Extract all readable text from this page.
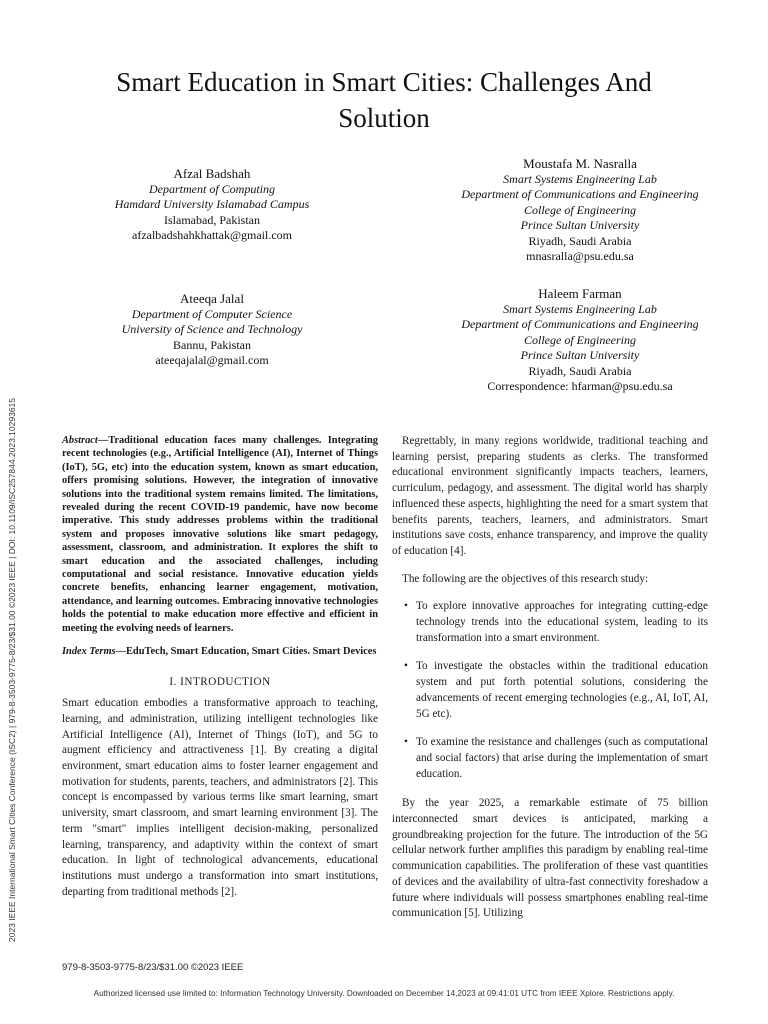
Smart Education in Smart Cities: Challenges And
Solution
Afzal Badshah
Department of Computing
Hamdard University Islamabad Campus
Islamabad, Pakistan
afzalbadshahkhattak@gmail.com
Moustafa M. Nasralla
Smart Systems Engineering Lab
Department of Communications and Engineering
College of Engineering
Prince Sultan University
Riyadh, Saudi Arabia
mnasralla@psu.edu.sa
Ateeqa Jalal
Department of Computer Science
University of Science and Technology
Bannu, Pakistan
ateeqajalal@gmail.com
Haleem Farman
Smart Systems Engineering Lab
Department of Communications and Engineering
College of Engineering
Prince Sultan University
Riyadh, Saudi Arabia
Correspondence: hfarman@psu.edu.sa
2023 IEEE International Smart Cities Conference (ISC2) | 979-8-3503-9775-8/23/$31.00 ©2023 IEEE | DOI: 10.1109/ISC257844.2023.10293615	Abstract—Traditional education faces many challenges. Integrating recent technologies (e.g., Artificial Intelligence (AI), Internet of Things (IoT), 5G, etc) into the education system, known as smart education, offers promising solutions. However, the integration of innovative solutions into the traditional system remains limited. The limitations, revealed during the recent COVID-19 pandemic, have now become imperative. This study addresses problems within the traditional system and proposes innovative solutions like smart pedagogy, assessment, classroom, and administration. It explores the shift to smart education and the associated challenges, including computational and social resistance. Innovative education yields concrete benefits, enhancing learner engagement, motivation, attendance, and learning outcomes. Embracing innovative technologies holds the potential to make education more effective and efficient in meeting the evolving needs of learners.

Index Terms—EduTech, Smart Education, Smart Cities. Smart Devices

I. INTRODUCTION

Smart education embodies a transformative approach to teaching, learning, and administration, utilizing intelligent technologies like Artificial Intelligence (AI), Internet of Things (IoT), and 5G to augment efficiency and attractiveness [1]. By creating a digital environment, smart education aims to foster learner engagement and motivation for students, parents, teachers, and administrators [2]. This concept is encompassed by various terms like smart learning, smart university, smart classroom, and smart learning environment [3]. The term "smart" implies intelligent decision-making, personalized learning, transparency, and adaptivity within the context of smart education. In light of technological advancements, educational institutions must undergo a transformation into smart institutions, departing from traditional methods [2].

Regrettably, in many regions worldwide, traditional teaching and learning persist, preparing students as clerks. The transformed educational environment significantly impacts teachers, learners, curriculum, pedagogy, and assessment. The digital world has sharply influenced these aspects, highlighting the need for a smart system that benefits parents, teachers, learners, and administrators. Smart institutions save costs, enhance transparency, and improve the quality of education [4].

The following are the objectives of this research study:

• To explore innovative approaches for integrating cutting-edge technology trends into the educational system, leading to its transformation into a smart environment.
• To investigate the obstacles within the traditional education system and put forth potential solutions, considering the advancements of recent emerging technologies (e.g., AI, IoT, AI, 5G etc).
• To examine the resistance and challenges (such as computational and social factors) that arise during the implementation of smart education.

By the year 2025, a remarkable estimate of 75 billion interconnected smart devices is anticipated, marking a groundbreaking projection for the future. The introduction of the 5G cellular network further amplifies this paradigm by enabling real-time communication capabilities. The proliferation of these vast quantities of devices and the availability of ultra-fast connectivity foreshadow a future where individuals will possess smartphones enabling real-time communication [5]. Utilizing

979-8-3503-9775-8/23/$31.00 ©2023 IEEE
Authorized licensed use limited to: Information Technology University. Downloaded on December 14,2023 at 09:41:01 UTC from IEEE Xplore. Restrictions apply.
